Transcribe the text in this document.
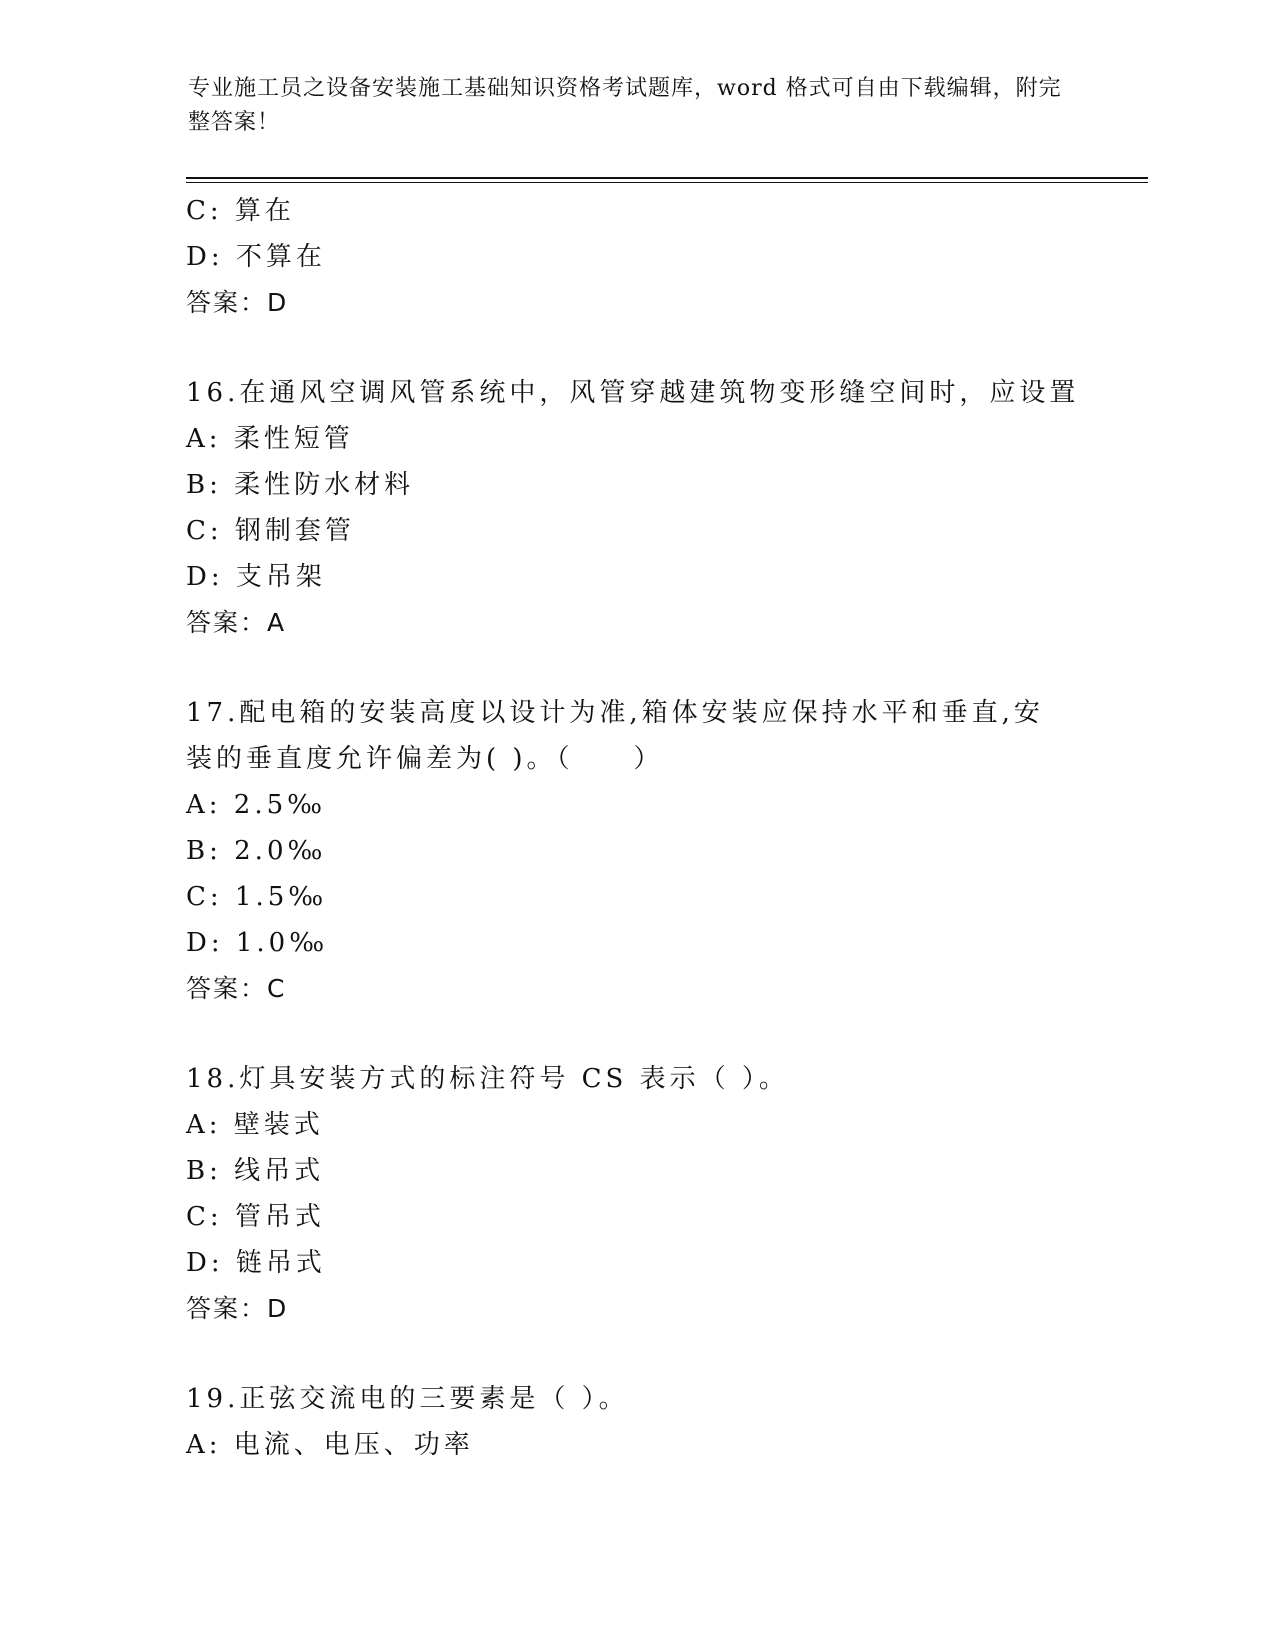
专业施工员之设备安装施工基础知识资格考试题库，word 格式可自由下载编辑，附完整答案！
C: 算在
D: 不算在
答案：D
16.在通风空调风管系统中，风管穿越建筑物变形缝空间时，应设置
A: 柔性短管
B: 柔性防水材料
C: 钢制套管
D: 支吊架
答案：A
17.配电箱的安装高度以设计为准,箱体安装应保持水平和垂直,安装的垂直度允许偏差为( )。（　　）
A: 2.5‰
B: 2.0‰
C: 1.5‰
D: 1.0‰
答案：C
18.灯具安装方式的标注符号 CS 表示（ ）。
A: 壁装式
B: 线吊式
C: 管吊式
D: 链吊式
答案：D
19.正弦交流电的三要素是（ ）。
A: 电流、电压、功率
